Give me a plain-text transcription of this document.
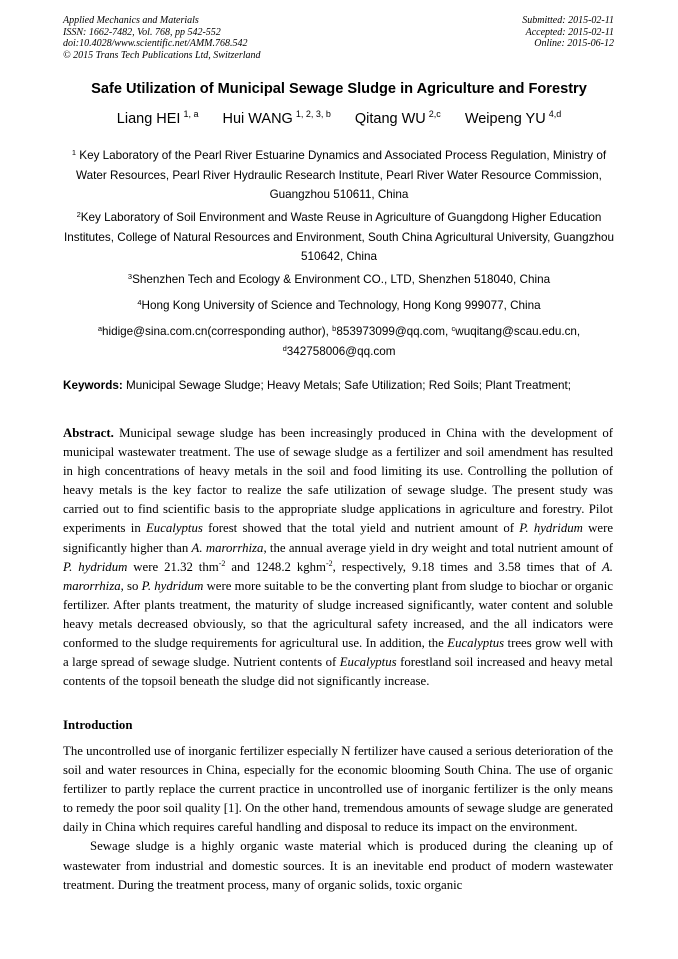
Applied Mechanics and Materials
ISSN: 1662-7482, Vol. 768, pp 542-552
doi:10.4028/www.scientific.net/AMM.768.542
© 2015 Trans Tech Publications Ltd, Switzerland
Submitted: 2015-02-11
Accepted: 2015-02-11
Online: 2015-06-12
Safe Utilization of Municipal Sewage Sludge in Agriculture and Forestry
Liang HEI $^{1, a}$ Hui WANG $^{1, 2, 3, b}$ Qitang WU $^{2,c}$ Weipeng YU $^{4,d}$
$^1$ Key Laboratory of the Pearl River Estuarine Dynamics and Associated Process Regulation, Ministry of Water Resources, Pearl River Hydraulic Research Institute, Pearl River Water Resource Commission, Guangzhou 510611, China
$^2$Key Laboratory of Soil Environment and Waste Reuse in Agriculture of Guangdong Higher Education Institutes, College of Natural Resources and Environment, South China Agricultural University, Guangzhou 510642, China
$^3$Shenzhen Tech and Ecology & Environment CO., LTD, Shenzhen 518040, China
$^4$Hong Kong University of Science and Technology, Hong Kong 999077, China
$^a$hidige@sina.com.cn(corresponding author), $^b$853973099@qq.com, $^c$wuqitang@scau.edu.cn,
$^d$342758006@qq.com
Keywords: Municipal Sewage Sludge; Heavy Metals; Safe Utilization; Red Soils; Plant Treatment;
Abstract. Municipal sewage sludge has been increasingly produced in China with the development of municipal wastewater treatment. The use of sewage sludge as a fertilizer and soil amendment has resulted in high concentrations of heavy metals in the soil and food limiting its use. Controlling the pollution of heavy metals is the key factor to realize the safe utilization of sewage sludge. The present study was carried out to find scientific basis to the appropriate sludge applications in agriculture and forestry. Pilot experiments in Eucalyptus forest showed that the total yield and nutrient amount of P. hydridum were significantly higher than A. marorrhiza, the annual average yield in dry weight and total nutrient amount of P. hydridum were 21.32 thm$^{-2}$ and 1248.2 kghm$^{-2}$, respectively, 9.18 times and 3.58 times that of A. marorrhiza, so P. hydridum were more suitable to be the converting plant from sludge to biochar or organic fertilizer. After plants treatment, the maturity of sludge increased significantly, water content and soluble heavy metals decreased obviously, so that the agricultural safety increased, and the all indicators were conformed to the sludge requirements for agricultural use. In addition, the Eucalyptus trees grow well with a large spread of sewage sludge. Nutrient contents of Eucalyptus forestland soil increased and heavy metal contents of the topsoil beneath the sludge did not significantly increase.
Introduction

The uncontrolled use of inorganic fertilizer especially N fertilizer have caused a serious deterioration of the soil and water resources in China, especially for the economic blooming South China. The use of organic fertilizer to partly replace the current practice in uncontrolled use of inorganic fertilizer is the only means to remedy the poor soil quality [1]. On the other hand, tremendous amounts of sewage sludge are generated daily in China which requires careful handling and disposal to reduce its impact on the environment.

Sewage sludge is a highly organic waste material which is produced during the cleaning up of wastewater from industrial and domestic sources. It is an inevitable end product of modern wastewater treatment. During the treatment process, many of organic solids, toxic organic
